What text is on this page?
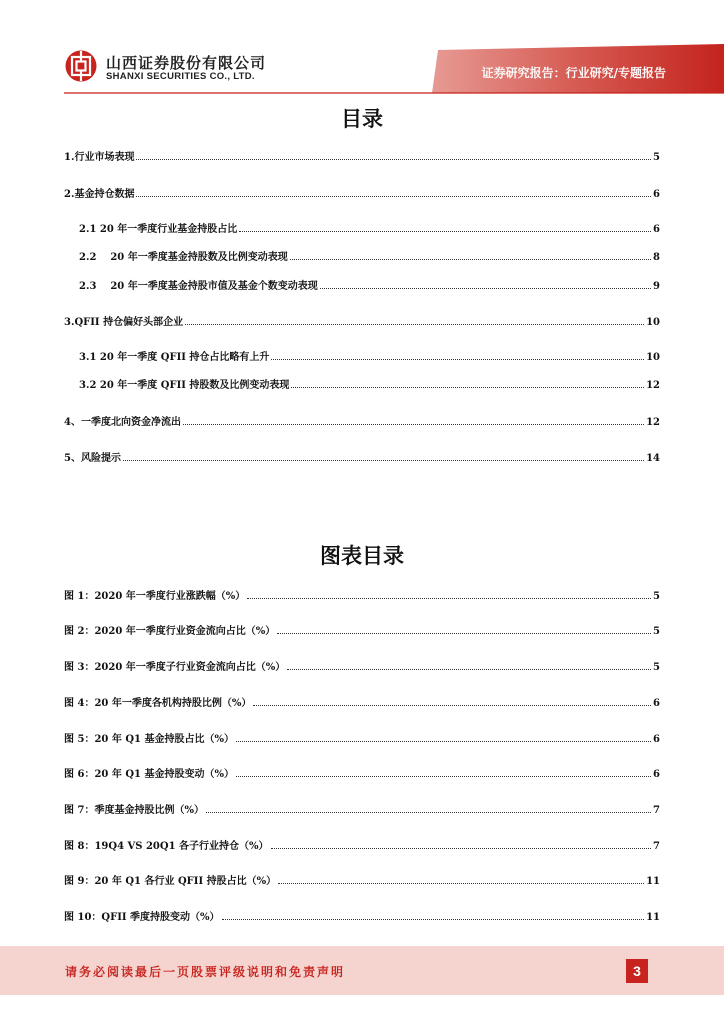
山西证券股份有限公司
SHANXI SECURITIES CO., LTD.	证券研究报告：行业研究/专题报告
目录
1.行业市场表现	5
2.基金持仓数据	6
2.1 20 年一季度行业基金持股占比	6
2.2    20 年一季度基金持股数及比例变动表现	8
2.3    20 年一季度基金持股市值及基金个数变动表现	9
3.QFII 持仓偏好头部企业	10
3.1 20 年一季度 QFII 持仓占比略有上升	10
3.2 20 年一季度 QFII 持股数及比例变动表现	12
4、一季度北向资金净流出	12
5、风险提示	14
图表目录
图 1：2020 年一季度行业涨跌幅（%）	5
图 2：2020 年一季度行业资金流向占比（%）	5
图 3：2020 年一季度子行业资金流向占比（%）	5
图 4：20 年一季度各机构持股比例（%）	6
图 5：20 年 Q1 基金持股占比（%）	6
图 6：20 年 Q1 基金持股变动（%）	6
图 7：季度基金持股比例（%）	7
图 8：19Q4 VS 20Q1 各子行业持仓（%）	7
图 9：20 年 Q1 各行业 QFII 持股占比（%）	11
图 10：QFII 季度持股变动（%）	11
请务必阅读最后一页股票评级说明和免责声明	3
